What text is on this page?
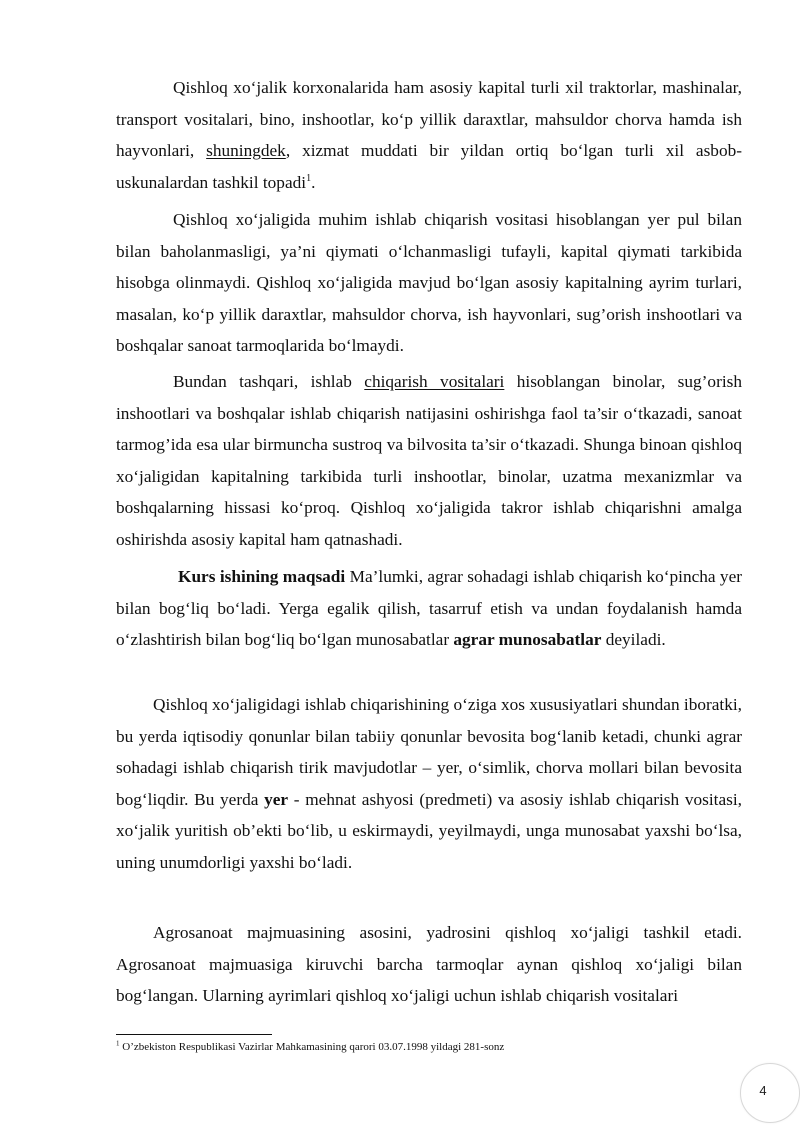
Qishloq xo‘jalik korxonalarida ham asosiy kapital turli xil traktorlar, mashinalar, transport vositalari, bino, inshootlar, ko‘p yillik daraxtlar, mahsuldor chorva hamda ish hayvonlari, shuningdek, xizmat muddati bir yildan ortiq bo‘lgan turli xil asbob-uskunalardan tashkil topadi$^1$.

Qishloq xo‘jaligida muhim ishlab chiqarish vositasi hisoblangan yer pul bilan bilan baholanmasligi, ya’ni qiymati o‘lchanmasligi tufayli, kapital qiymati tarkibida hisobga olinmaydi. Qishloq xo‘jaligida mavjud bo‘lgan asosiy kapitalning ayrim turlari, masalan, ko‘p yillik daraxtlar, mahsuldor chorva, ish hayvonlari, sug’orish inshootlari va boshqalar sanoat tarmoqlarida bo‘lmaydi.

Bundan tashqari, ishlab chiqarish vositalari hisoblangan binolar, sug’orish inshootlari va boshqalar ishlab chiqarish natijasini oshirishga faol ta’sir o‘tkazadi, sanoat tarmog’ida esa ular birmuncha sustroq va bilvosita ta’sir o‘tkazadi. Shunga binoan qishloq xo‘jaligidan kapitalning tarkibida turli inshootlar, binolar, uzatma mexanizmlar va boshqalarning hissasi ko‘proq. Qishloq xo‘jaligida takror ishlab chiqarishni amalga oshirishda asosiy kapital ham qatnashadi.

Kurs ishining maqsadi Ma’lumki, agrar sohadagi ishlab chiqarish ko‘pincha yer bilan bog‘liq bo‘ladi. Yerga egalik qilish, tasarruf etish va undan foydalanish hamda o‘zlashtirish bilan bog‘liq bo‘lgan munosabatlar agrar munosabatlar deyiladi.

Qishloq xo‘jaligidagi ishlab chiqarishining o‘ziga xos xususiyatlari shundan iboratki, bu yerda iqtisodiy qonunlar bilan tabiiy qonunlar bevosita bog‘lanib ketadi, chunki agrar sohadagi ishlab chiqarish tirik mavjudotlar – yer, o‘simlik, chorva mollari bilan bevosita bog‘liqdir. Bu yerda yer - mehnat ashyosi (predmeti) va asosiy ishlab chiqarish vositasi, xo‘jalik yuritish ob’ekti bo‘lib, u eskirmaydi, yeyilmaydi, unga munosabat yaxshi bo‘lsa, uning unumdorligi yaxshi bo‘ladi.

Agrosanoat majmuasining asosini, yadrosini qishloq xo‘jaligi tashkil etadi. Agrosanoat majmuasiga kiruvchi barcha tarmoqlar aynan qishloq xo‘jaligi bilan bog‘langan. Ularning ayrimlari qishloq xo‘jaligi uchun ishlab chiqarish vositalari

$^1$ O’zbekiston Respublikasi Vazirlar Mahkamasining qarori 03.07.1998 yildagi 281-sonz

4
